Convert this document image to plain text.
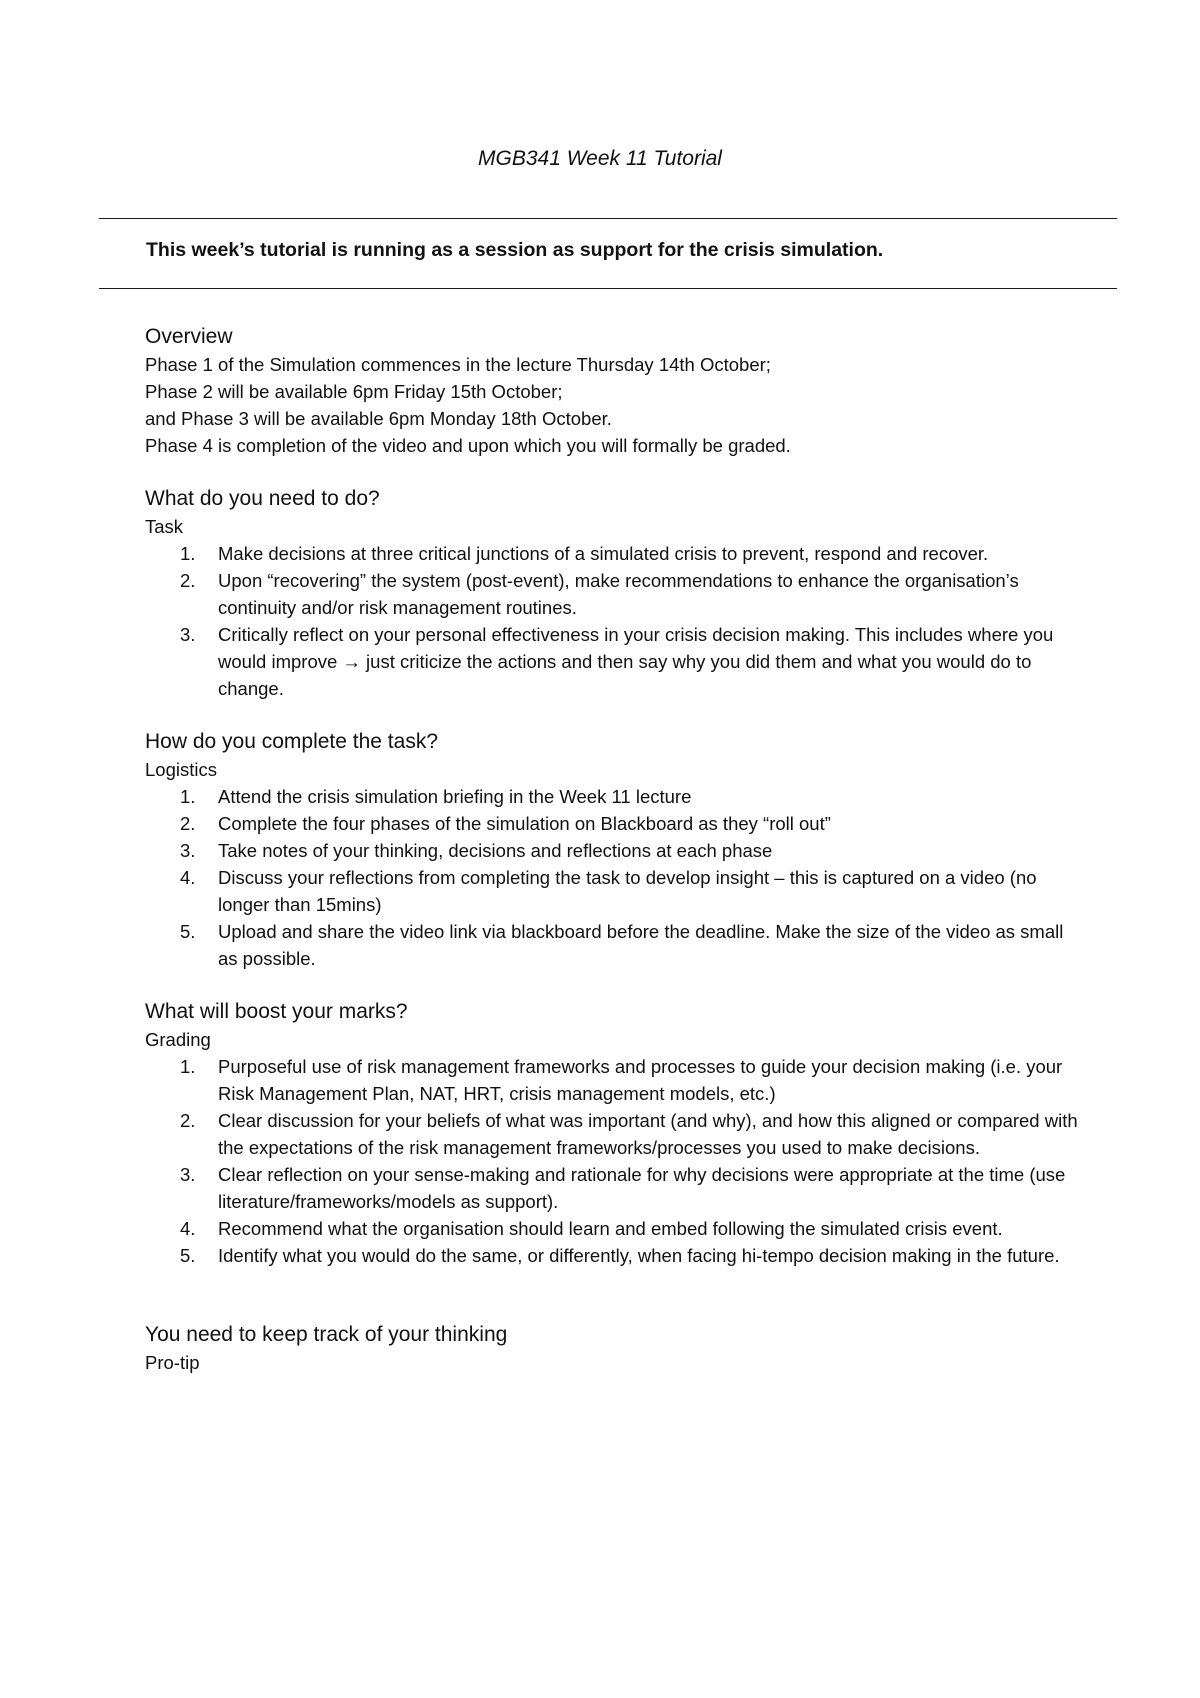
MGB341 Week 11 Tutorial
This week’s tutorial is running as a session as support for the crisis simulation.

Overview

Phase 1 of the Simulation commences in the lecture Thursday 14th October;

Phase 2 will be available 6pm Friday 15th October;

and Phase 3 will be available 6pm Monday 18th October.

Phase 4 is completion of the video and upon which you will formally be graded.

What do you need to do?

Task

1. Make decisions at three critical junctions of a simulated crisis to prevent, respond and recover.
2. Upon “recovering” the system (post-event), make recommendations to enhance the organisation’s continuity and/or risk management routines.
3. Critically reflect on your personal effectiveness in your crisis decision making. This includes where you would improve → just criticize the actions and then say why you did them and what you would do to change.

How do you complete the task?

Logistics

1. Attend the crisis simulation briefing in the Week 11 lecture
2. Complete the four phases of the simulation on Blackboard as they “roll out”
3. Take notes of your thinking, decisions and reflections at each phase
4. Discuss your reflections from completing the task to develop insight – this is captured on a video (no longer than 15mins)
5. Upload and share the video link via blackboard before the deadline. Make the size of the video as small as possible.

What will boost your marks?

Grading

1. Purposeful use of risk management frameworks and processes to guide your decision making (i.e. your Risk Management Plan, NAT, HRT, crisis management models, etc.)
2. Clear discussion for your beliefs of what was important (and why), and how this aligned or compared with the expectations of the risk management frameworks/processes you used to make decisions.
3. Clear reflection on your sense-making and rationale for why decisions were appropriate at the time (use literature/frameworks/models as support).
4. Recommend what the organisation should learn and embed following the simulated crisis event.
5. Identify what you would do the same, or differently, when facing hi-tempo decision making in the future.

You need to keep track of your thinking

Pro-tip
